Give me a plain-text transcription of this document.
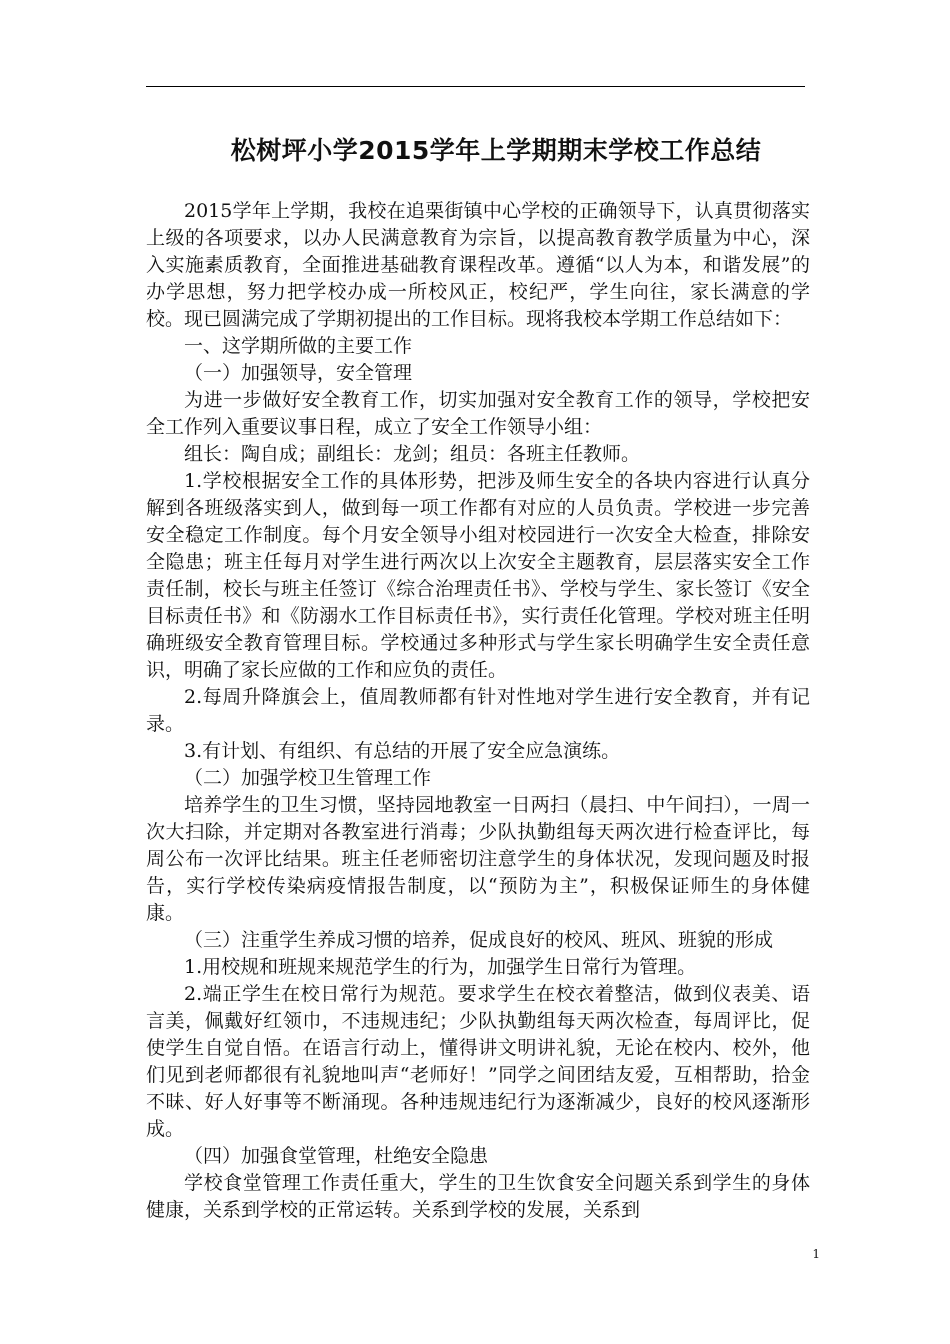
松树坪小学2015学年上学期期末学校工作总结

2015学年上学期，我校在追栗街镇中心学校的正确领导下，认真贯彻落实上级的各项要求，以办人民满意教育为宗旨，以提高教育教学质量为中心，深入实施素质教育，全面推进基础教育课程改革。遵循“以人为本，和谐发展”的办学思想，努力把学校办成一所校风正，校纪严，学生向往，家长满意的学校。现已圆满完成了学期初提出的工作目标。现将我校本学期工作总结如下：

一、这学期所做的主要工作

（一）加强领导，安全管理

为进一步做好安全教育工作，切实加强对安全教育工作的领导，学校把安全工作列入重要议事日程，成立了安全工作领导小组：

组长：陶自成；副组长：龙剑；组员：各班主任教师。

1.学校根据安全工作的具体形势，把涉及师生安全的各块内容进行认真分解到各班级落实到人，做到每一项工作都有对应的人员负责。学校进一步完善安全稳定工作制度。每个月安全领导小组对校园进行一次安全大检查，排除安全隐患；班主任每月对学生进行两次以上次安全主题教育，层层落实安全工作责任制，校长与班主任签订《综合治理责任书》、学校与学生、家长签订《安全目标责任书》和《防溺水工作目标责任书》，实行责任化管理。学校对班主任明确班级安全教育管理目标。学校通过多种形式与学生家长明确学生安全责任意识，明确了家长应做的工作和应负的责任。

2.每周升降旗会上，值周教师都有针对性地对学生进行安全教育，并有记录。

3.有计划、有组织、有总结的开展了安全应急演练。

（二）加强学校卫生管理工作

培养学生的卫生习惯，坚持园地教室一日两扫（晨扫、中午间扫），一周一次大扫除，并定期对各教室进行消毒；少队执勤组每天两次进行检查评比，每周公布一次评比结果。班主任老师密切注意学生的身体状况，发现问题及时报告，实行学校传染病疫情报告制度，以“预防为主”，积极保证师生的身体健康。

（三）注重学生养成习惯的培养，促成良好的校风、班风、班貌的形成

1.用校规和班规来规范学生的行为，加强学生日常行为管理。

2.端正学生在校日常行为规范。要求学生在校衣着整洁，做到仪表美、语言美，佩戴好红领巾，不违规违纪；少队执勤组每天两次检查，每周评比，促使学生自觉自悟。在语言行动上，懂得讲文明讲礼貌，无论在校内、校外，他们见到老师都很有礼貌地叫声“老师好！”同学之间团结友爱，互相帮助，拾金不昧、好人好事等不断涌现。各种违规违纪行为逐渐减少，良好的校风逐渐形成。

（四）加强食堂管理，杜绝安全隐患

学校食堂管理工作责任重大，学生的卫生饮食安全问题关系到学生的身体健康，关系到学校的正常运转。关系到学校的发展，关系到

1
